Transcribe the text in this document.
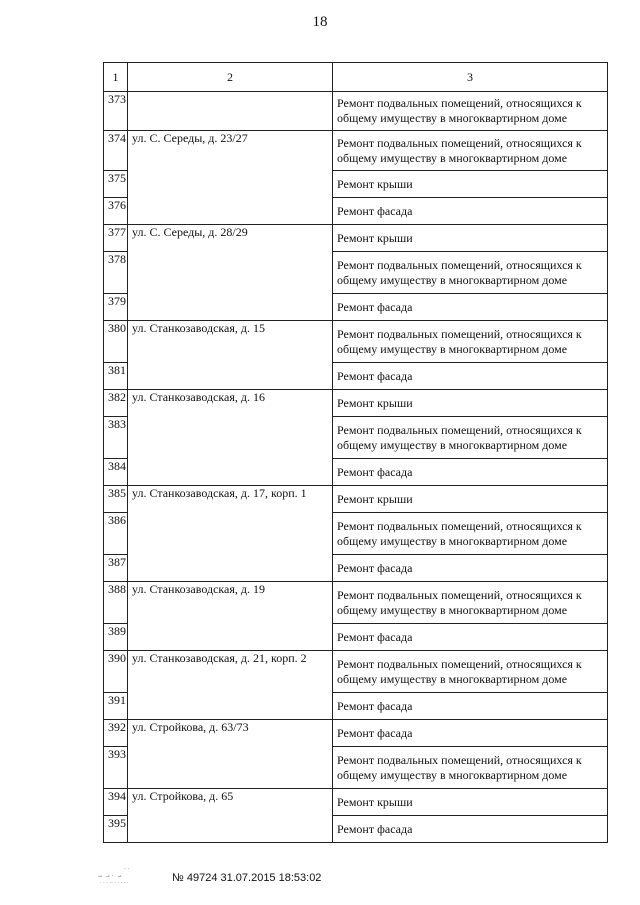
18
1	2	3
373		Ремонт подвальных помещений, относящихся к общему имуществу в многоквартирном доме
374	ул. С. Середы, д. 23/27	Ремонт подвальных помещений, относящихся к общему имуществу в многоквартирном доме
375		Ремонт крыши
376		Ремонт фасада
377	ул. С. Середы, д. 28/29	Ремонт крыши
378		Ремонт подвальных помещений, относящихся к общему имуществу в многоквартирном доме
379		Ремонт фасада
380	ул. Станкозаводская, д. 15	Ремонт подвальных помещений, относящихся к общему имуществу в многоквартирном доме
381		Ремонт фасада
382	ул. Станкозаводская, д. 16	Ремонт крыши
383		Ремонт подвальных помещений, относящихся к общему имуществу в многоквартирном доме
384		Ремонт фасада
385	ул. Станкозаводская, д. 17, корп. 1	Ремонт крыши
386		Ремонт подвальных помещений, относящихся к общему имуществу в многоквартирном доме
387		Ремонт фасада
388	ул. Станкозаводская, д. 19	Ремонт подвальных помещений, относящихся к общему имуществу в многоквартирном доме
389		Ремонт фасада
390	ул. Станкозаводская, д. 21, корп. 2	Ремонт подвальных помещений, относящихся к общему имуществу в многоквартирном доме
391		Ремонт фасада
392	ул. Стройкова, д. 63/73	Ремонт фасада
393		Ремонт подвальных помещений, относящихся к общему имуществу в многоквартирном доме
394	ул. Стройкова, д. 65	Ремонт крыши
395		Ремонт фасада
· ·
·̶ ·̶· ·̶
· · · ·· · · · · ·	№ 49724 31.07.2015 18:53:02
